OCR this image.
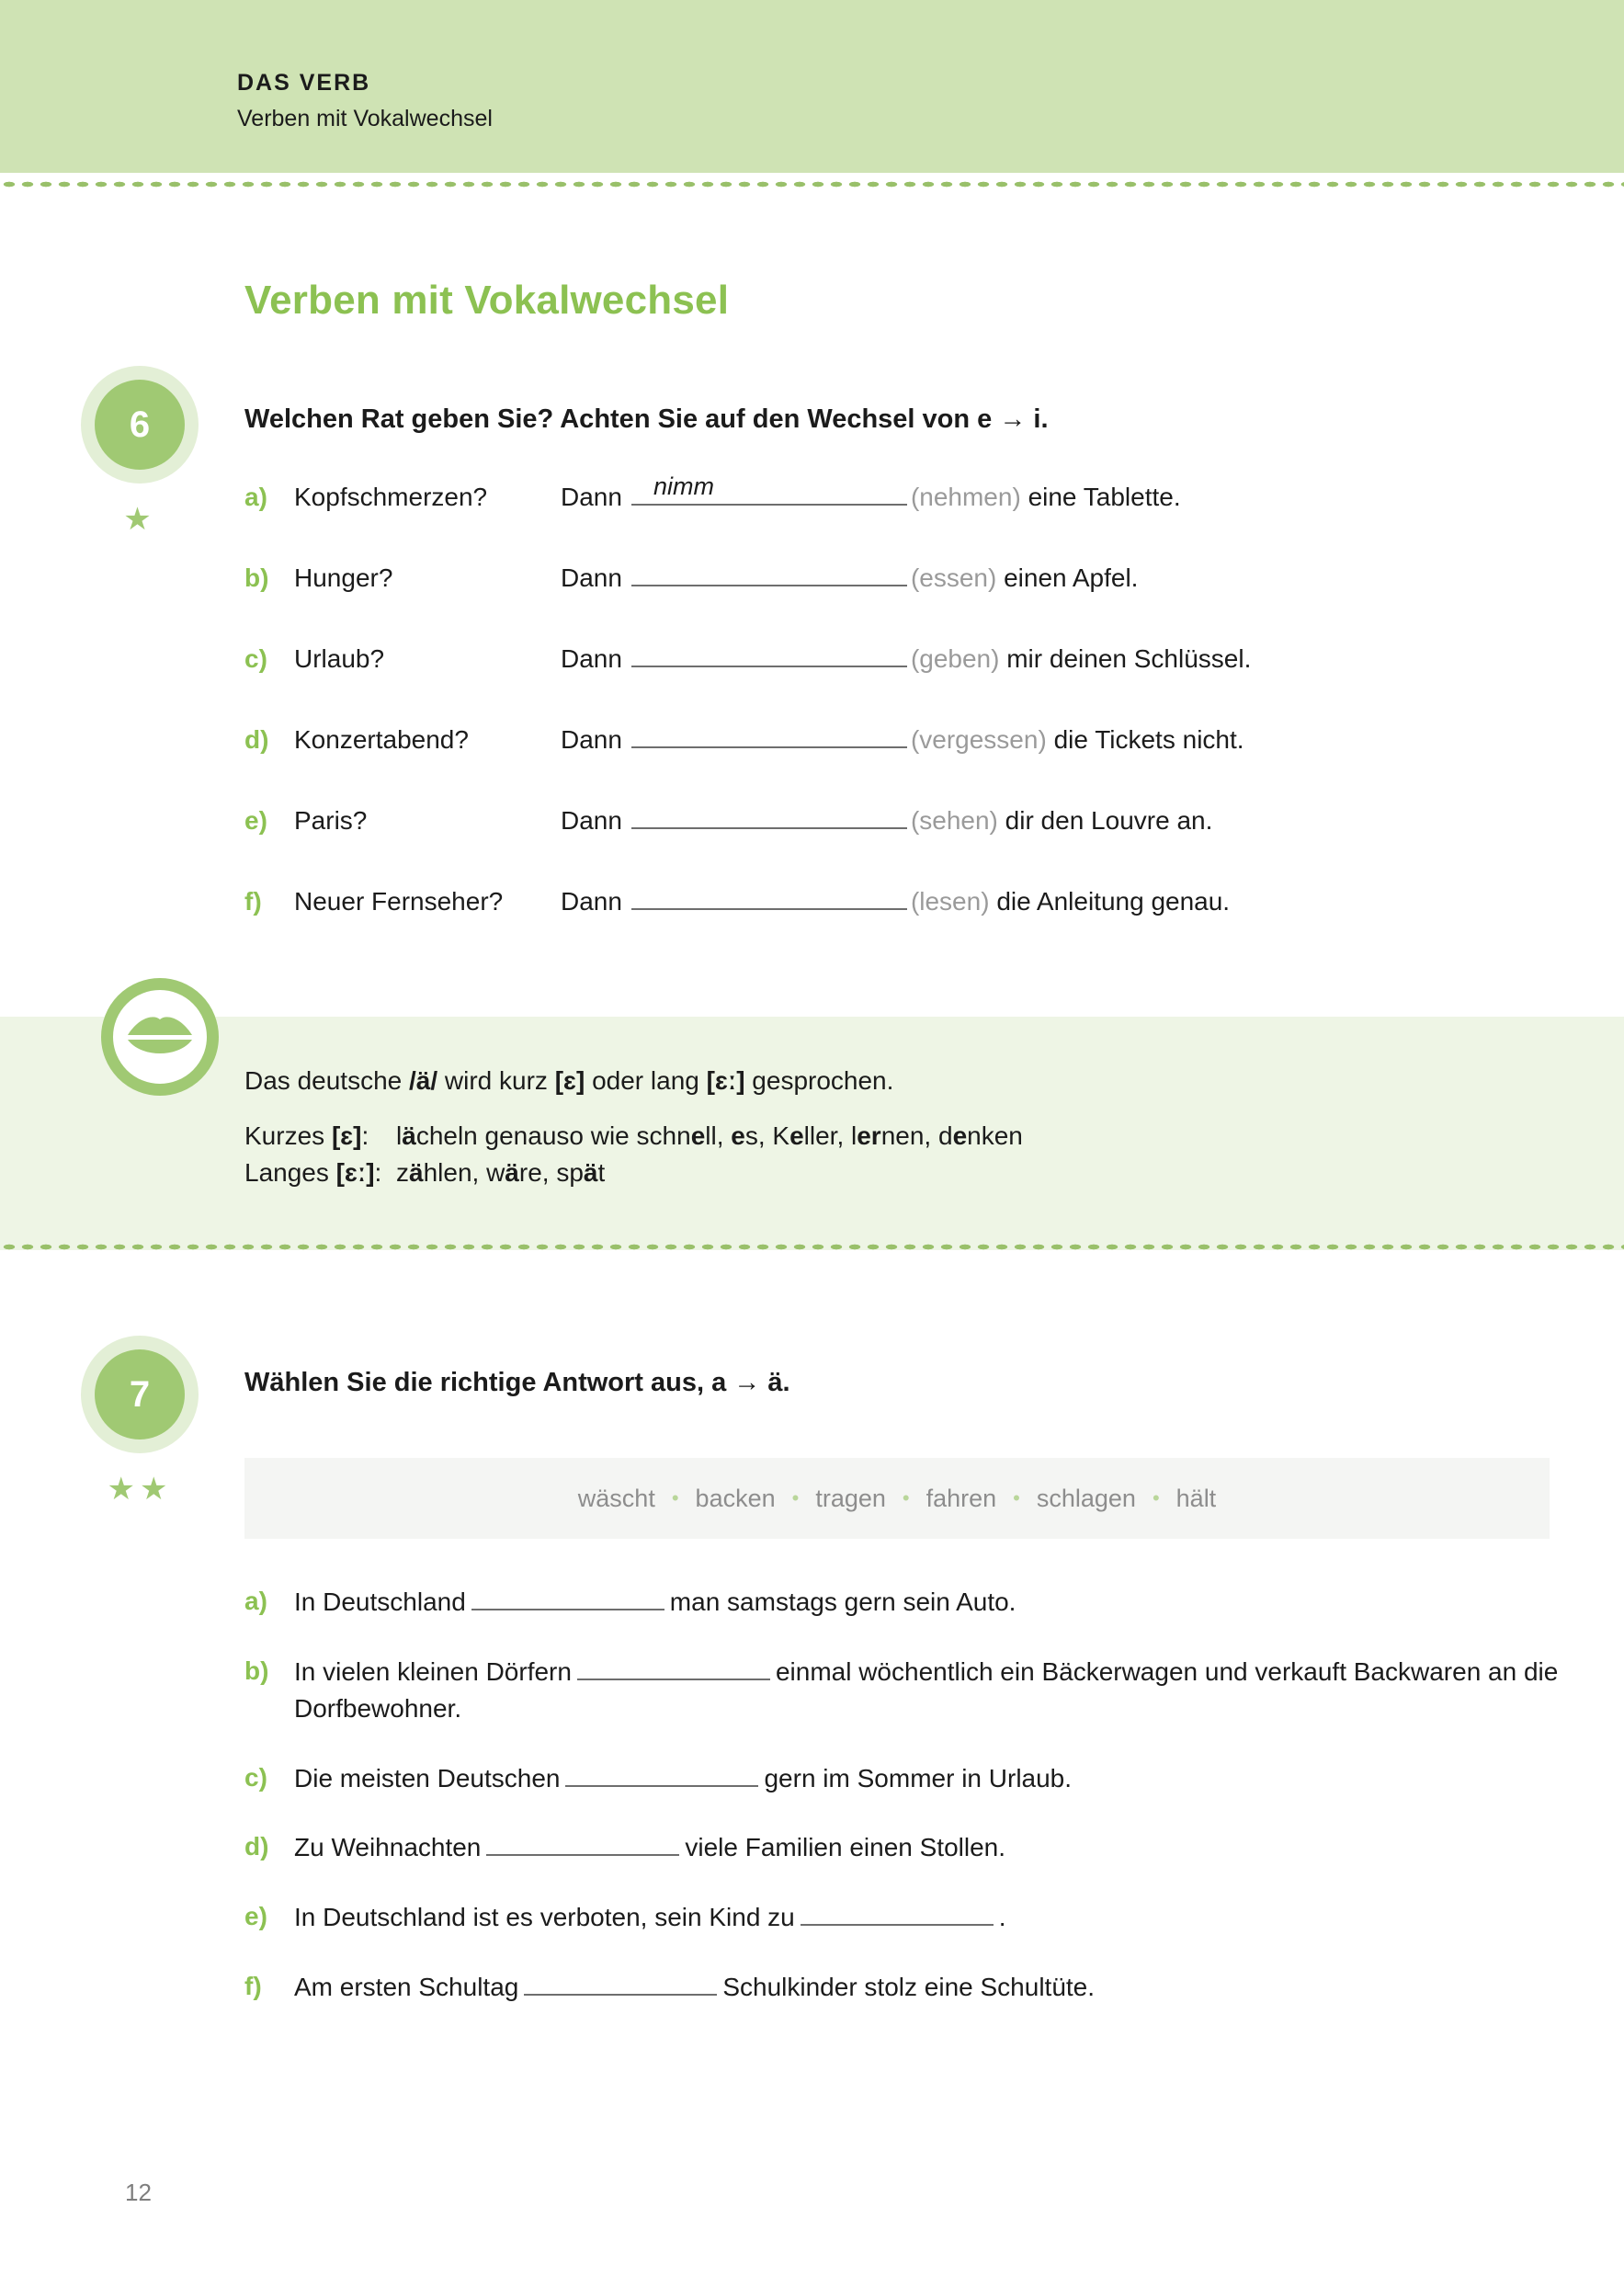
DAS VERB
Verben mit Vokalwechsel
Verben mit Vokalwechsel
6
★
Welchen Rat geben Sie? Achten Sie auf den Wechsel von e → i.
a) Kopfschmerzen?	Dann nimm	(nehmen) eine Tablette.
b) Hunger?	Dann	(essen) einen Apfel.
c) Urlaub?	Dann	(geben) mir deinen Schlüssel.
d) Konzertabend?	Dann	(vergessen) die Tickets nicht.
e) Paris?	Dann	(sehen) dir den Louvre an.
f) Neuer Fernseher? Dann	(lesen) die Anleitung genau.
Das deutsche /ä/ wird kurz [ɛ] oder lang [ɛː] gesprochen.
Kurzes [ɛ]:	lächeln genauso wie schnell, es, Keller, lernen, denken
Langes [ɛː]: zählen, wäre, spät
7
★★
Wählen Sie die richtige Antwort aus, a → ä.
wäscht • backen • tragen • fahren • schlagen • hält
a)	In Deutschland	man samstags gern sein Auto.
b) In vielen kleinen Dörfern	einmal wöchentlich ein Bäckerwagen und verkauft Backwaren an die Dorfbewohner.
c)	Die meisten Deutschen	gern im Sommer in Urlaub.
d) Zu Weihnachten	viele Familien einen Stollen.
e)	In Deutschland ist es verboten, sein Kind zu	.
f)	Am ersten Schultag	Schulkinder stolz eine Schultüte.
12
